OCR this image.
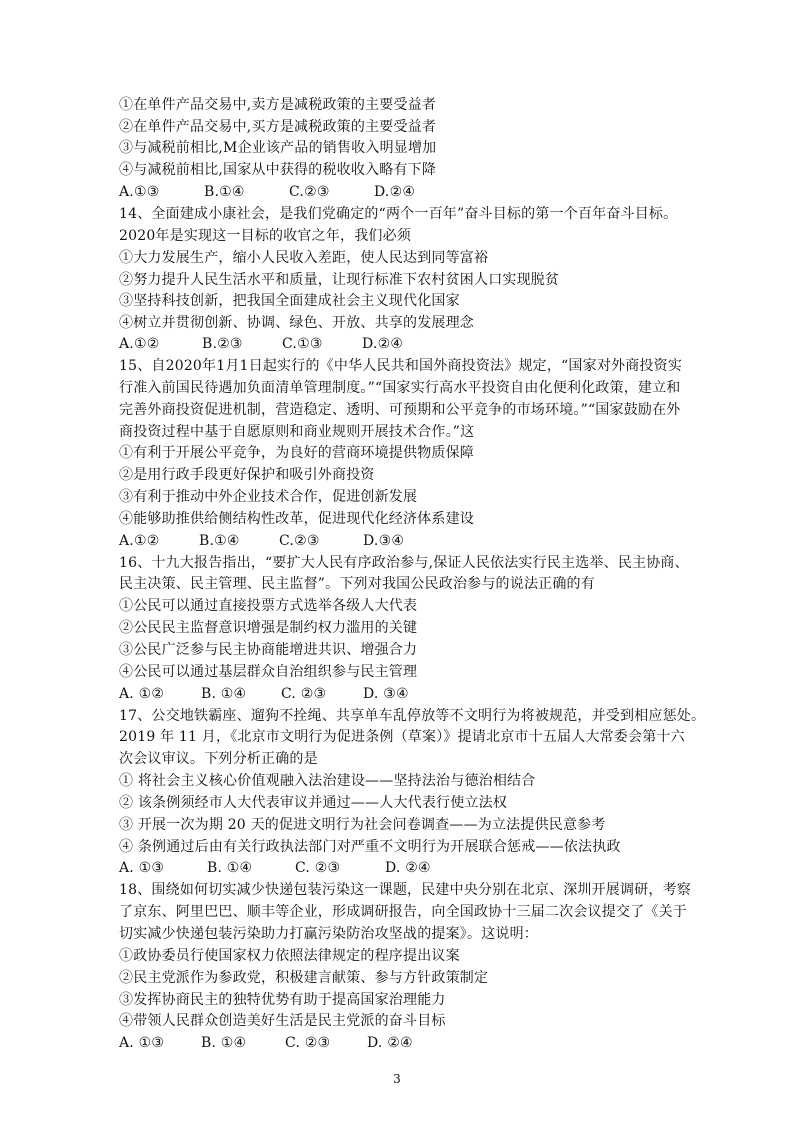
①在单件产品交易中,卖方是减税政策的主要受益者
②在单件产品交易中,买方是减税政策的主要受益者
③与减税前相比,M企业该产品的销售收入明显增加
④与减税前相比,国家从中获得的税收收入略有下降
A.①③	B.①④	C.②③	D.②④
14、全面建成小康社会，是我们党确定的“两个一百年”奋斗目标的第一个百年奋斗目标。
2020年是实现这一目标的收官之年，我们必须
①大力发展生产，缩小人民收入差距，使人民达到同等富裕
②努力提升人民生活水平和质量，让现行标准下农村贫困人口实现脱贫
③坚持科技创新，把我国全面建成社会主义现代化国家
④树立并贯彻创新、协调、绿色、开放、共享的发展理念
A.①②	B.②③	C.①③	D.②④
15、自2020年1月1日起实行的《中华人民共和国外商投资法》规定，“国家对外商投资实
行准入前国民待遇加负面清单管理制度。”“国家实行高水平投资自由化便利化政策，建立和
完善外商投资促进机制，营造稳定、透明、可预期和公平竞争的市场环境。”“国家鼓励在外
商投资过程中基于自愿原则和商业规则开展技术合作。”这
①有利于开展公平竞争，为良好的营商环境提供物质保障
②是用行政手段更好保护和吸引外商投资
③有利于推动中外企业技术合作，促进创新发展
④能够助推供给侧结构性改革，促进现代化经济体系建设
A.①②	B.①④	C.②③	D.③④
16、十九大报告指出，“要扩大人民有序政治参与,保证人民依法实行民主选举、民主协商、
民主决策、民主管理、民主监督”。下列对我国公民政治参与的说法正确的有
①公民可以通过直接投票方式选举各级人大代表
②公民民主监督意识增强是制约权力滥用的关键
③公民广泛参与民主协商能增进共识、增强合力
④公民可以通过基层群众自治组织参与民主管理
A. ①②	B. ①④ C. ②③	D. ③④
17、公交地铁霸座、遛狗不拴绳、共享单车乱停放等不文明行为将被规范，并受到相应惩处。
2019 年 11 月，《北京市文明行为促进条例（草案）》提请北京市十五届人大常委会第十六
次会议审议。下列分析正确的是
① 将社会主义核心价值观融入法治建设——坚持法治与德治相结合
② 该条例须经市人大代表审议并通过——人大代表行使立法权
③ 开展一次为期 20 天的促进文明行为社会问卷调查——为立法提供民意参考
④ 条例通过后由有关行政执法部门对严重不文明行为开展联合惩戒——依法执政
A. ①③	B. ①④	C. ②③	D. ②④
18、围绕如何切实减少快递包装污染这一课题，民建中央分别在北京、深圳开展调研，考察
了京东、阿里巴巴、顺丰等企业，形成调研报告，向全国政协十三届二次会议提交了《关于
切实减少快递包装污染助力打赢污染防治攻坚战的提案》。这说明：
①政协委员行使国家权力依照法律规定的程序提出议案
②民主党派作为参政党，积极建言献策、参与方针政策制定
③发挥协商民主的独特优势有助于提高国家治理能力
④带领人民群众创造美好生活是民主党派的奋斗目标
A. ①③	B. ①④	C. ②③	D. ②④
3
